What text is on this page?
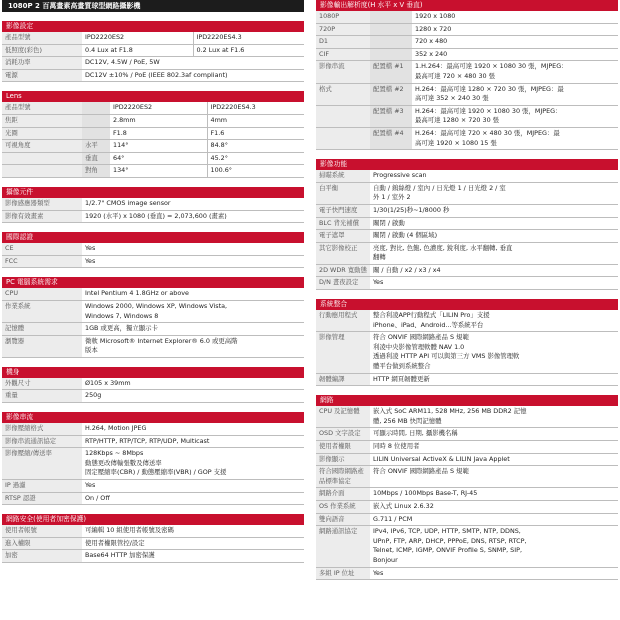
1080P 2 百萬畫素高畫質球型網路攝影機
影像設定
產品型號	IPD2220ES2	IPD2220ES4.3
低照度(彩色)	0.4 Lux at F1.8	0.2 Lux at F1.6
消耗功率	DC12V, 4.5W / PoE, 5W	
電源	DC12V ±10% / PoE (IEEE 802.3af compliant)	
Lens
產品型號		IPD2220ES2	IPD2220ES4.3
焦距		2.8mm	4mm
光圈		F1.8	F1.6
可視角度	水平	114°	84.8°
	垂直	64°	45.2°
	對角	134°	100.6°
攝像元件
影像感應器類型	1/2.7" CMOS image sensor
影像有效畫素	1920 (水平) x 1080 (垂直) = 2,073,600 (畫素)
國際認證
CE	Yes
FCC	Yes
PC 電腦系統需求
CPU	Intel Pentium 4 1.8GHz or above
作業系統	Windows 2000, Windows XP, Windows Vista,
Windows 7, Windows 8

記憶體	1GB 或更高，獨立顯示卡
瀏覽器	微軟 Microsoft® Internet Explorer® 6.0 或更高階
版本
機身
外觀尺寸	Ø105 x 39mm
重量	250g
影像串流
影像壓縮格式	H.264, Motion JPEG
影像串流通訊協定	RTP/HTTP, RTP/TCP, RTP/UDP, Multicast
影像壓縮/傳送率	128Kbps ~ 8Mbps
動態更改傳輸張數及傳送率
固定壓縮率(CBR) / 動態壓縮率(VBR) / GOP 支援

IP 過濾	Yes
RTSP 認證	On / Off
網路安全(使用者加密保護)
使用者帳號	可編輯 10 組使用者帳號及密碼
進入權限	使用者權限管控/設定
加密	Base64 HTTP 加密保護
影像輸出解析度(H 水平 x V 垂直)
1080P		1920 x 1080
720P		1280 x 720
D1		720 x 480
CIF		352 x 240
影像串流	配置檔 #1	1.H.264：最高可達 1920 × 1080 30 張，MJPEG：
最高可達 720 × 480 30 張

格式	配置檔 #2	H.264：最高可達 1280 × 720 30 張，MJPEG：最
高可達 352 × 240 30 張

	配置檔 #3	H.264：最高可達 1920 × 1080 30 張，MJPEG：
最高可達 1280 × 720 30 張

	配置檔 #4	H.264：最高可達 720 × 480 30 張，MJPEG：最
高可達 1920 × 1080 15 張
影像功能
掃瞄系統	Progressive scan
白平衡	自動 / 鎢絲燈 / 室內 / 日光燈 1 / 日光燈 2 / 室
外 1 / 室外 2

電子快門速度	1/30(1/25)秒~1/8000 秒
BLC 背光補償	關閉 / 啟動
電子遮罩	關閉 / 啟動 (4 個區域)
其它影像校正	亮度, 對比, 色飽, 色濃度, 銳利度, 水平翻轉, 垂直
翻轉

2D WDR 寬動態	關 / 自動 / x2 / x3 / x4
D/N 晝夜設定	Yes
系統整合
行動應用程式	整合利凌APP行動程式「LILIN Pro」支援
iPhone、iPad、Android...等系統平台

影像管理	符合 ONVIF 國際網路產品 S 規範
利凌中央影像管理軟體 NAV 1.0
透過利凌 HTTP API 可以與第三方 VMS 影像管理軟
體平台做到系統整合

韌體編譯	HTTP 網頁韌體更新
網路
CPU 及記憶體	嵌入式 SoC ARM11, 528 MHz, 256 MB DDR2 記憶
體, 256 MB 快閃記憶體

OSD 文字設定	可顯示時間, 日期, 攝影機名稱
使用者權限	同時 8 位使用者
影像顯示	LILIN Universal ActiveX & LILIN Java Applet
符合國際網路產品標準協定	符合 ONVIF 國際網路產品 S 規範
網路介面	10Mbps / 100Mbps Base-T, RJ-45
OS 作業系統	嵌入式 Linux 2.6.32
雙向語音	G.711 / PCM
網路通訊協定	IPv4, IPv6, TCP, UDP, HTTP, SMTP, NTP, DDNS,
UPnP, FTP, ARP, DHCP, PPPoE, DNS, RTSP, RTCP,
Telnet, ICMP, IGMP, ONVIF Profile S, SNMP, SIP,
Bonjour

多組 IP 位址	Yes
